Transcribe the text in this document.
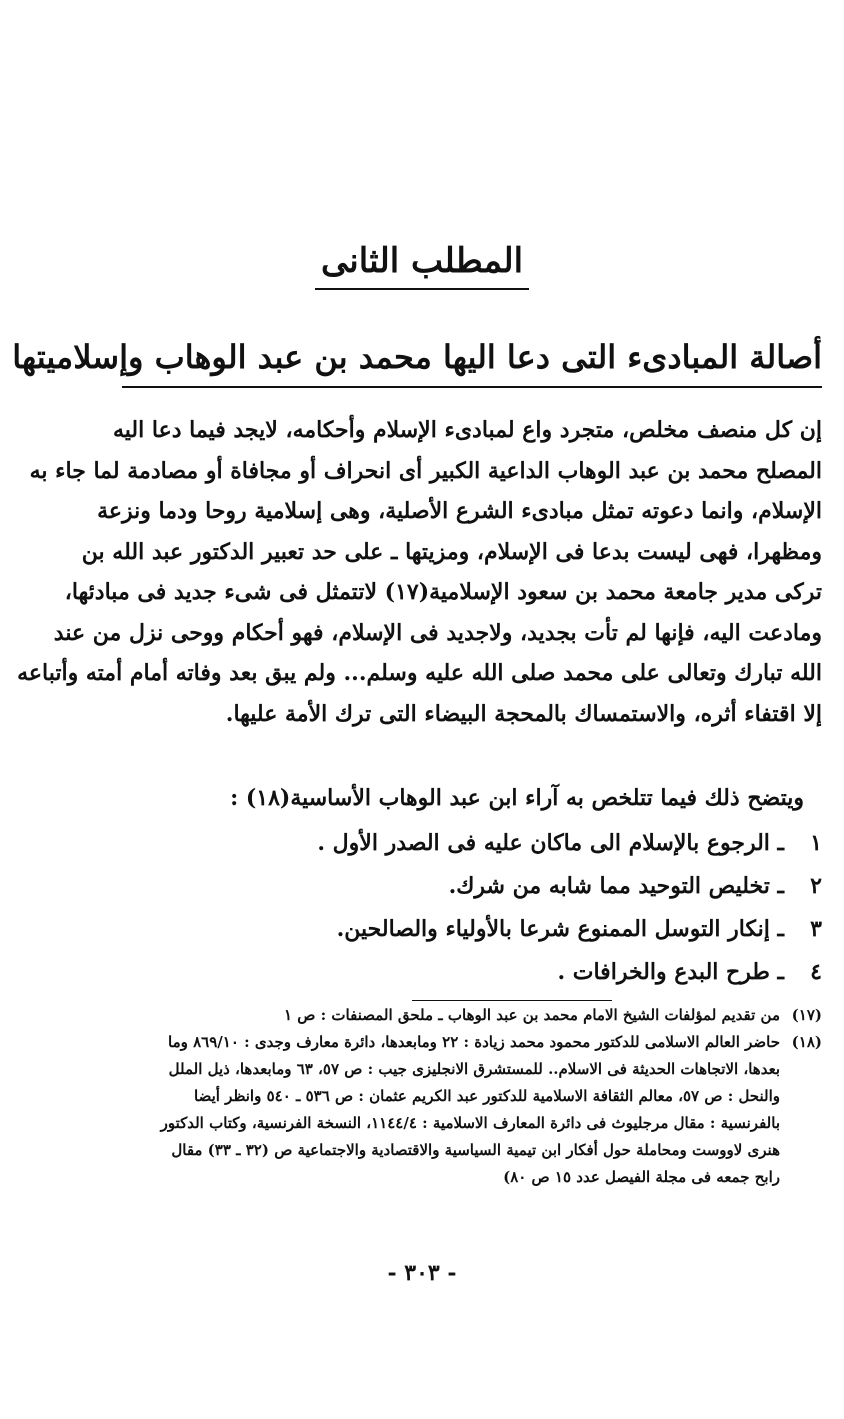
المطلب الثانى
أصالة المبادىء التى دعا اليها محمد بن عبد الوهاب وإسلاميتها

إن كل منصف مخلص، متجرد واع لمبادىء الإسلام وأحكامه، لايجد فيما دعا اليه

المصلح محمد بن عبد الوهاب الداعية الكبير أى انحراف أو مجافاة أو مصادمة لما جاء به

الإسلام، وانما دعوته تمثل مبادىء الشرع الأصلية، وهى إسلامية روحا ودما ونزعة

ومظهرا، فهى ليست بدعا فى الإسلام، ومزيتها ـ على حد تعبير الدكتور عبد الله بن

تركى مدير جامعة محمد بن سعود الإسلامية(١٧) لاتتمثل فى شىء جديد فى مبادئها،

ومادعت اليه، فإنها لم تأت بجديد، ولاجديد فى الإسلام، فهو أحكام ووحى نزل من عند

الله تبارك وتعالى على محمد صلى الله عليه وسلم... ولم يبق بعد وفاته أمام أمته وأتباعه

إلا اقتفاء أثره، والاستمساك بالمحجة البيضاء التى ترك الأمة عليها.

ويتضح ذلك فيما تتلخص به آراء ابن عبد الوهاب الأساسية(١٨) :
١
ـ الرجوع بالإسلام الى ماكان عليه فى الصدر الأول .
٢
ـ تخليص التوحيد مما شابه من شرك.
٣
ـ إنكار التوسل الممنوع شرعا بالأولياء والصالحين.
٤
ـ طرح البدع والخرافات .
(١٧)
من تقديم لمؤلفات الشيخ الامام محمد بن عبد الوهاب ـ ملحق المصنفات : ص ١
(١٨)
حاضر العالم الاسلامى للدكتور محمود محمد زيادة : ٢٢ ومابعدها، دائرة معارف وجدى : ٨٦٩/١٠ وما
بعدها، الاتجاهات الحديثة فى الاسلام.. للمستشرق الانجليزى جيب : ص ٥٧، ٦٣ ومابعدها، ذيل الملل
والنحل : ص ٥٧، معالم الثقافة الاسلامية للدكتور عبد الكريم عثمان : ص ٥٣٦ ـ ٥٤٠ وانظر أيضا
بالفرنسية : مقال مرجليوث فى دائرة المعارف الاسلامية : ١١٤٤/٤، النسخة الفرنسية، وكتاب الدكتور
هنرى لاووست ومحاملة حول أفكار ابن تيمية السياسية والاقتصادية والاجتماعية ص (٣٢ ـ ٣٣) مقال
رابح جمعه فى مجلة الفيصل عدد ١٥ ص ٨٠)
- ٣٠٣ -
